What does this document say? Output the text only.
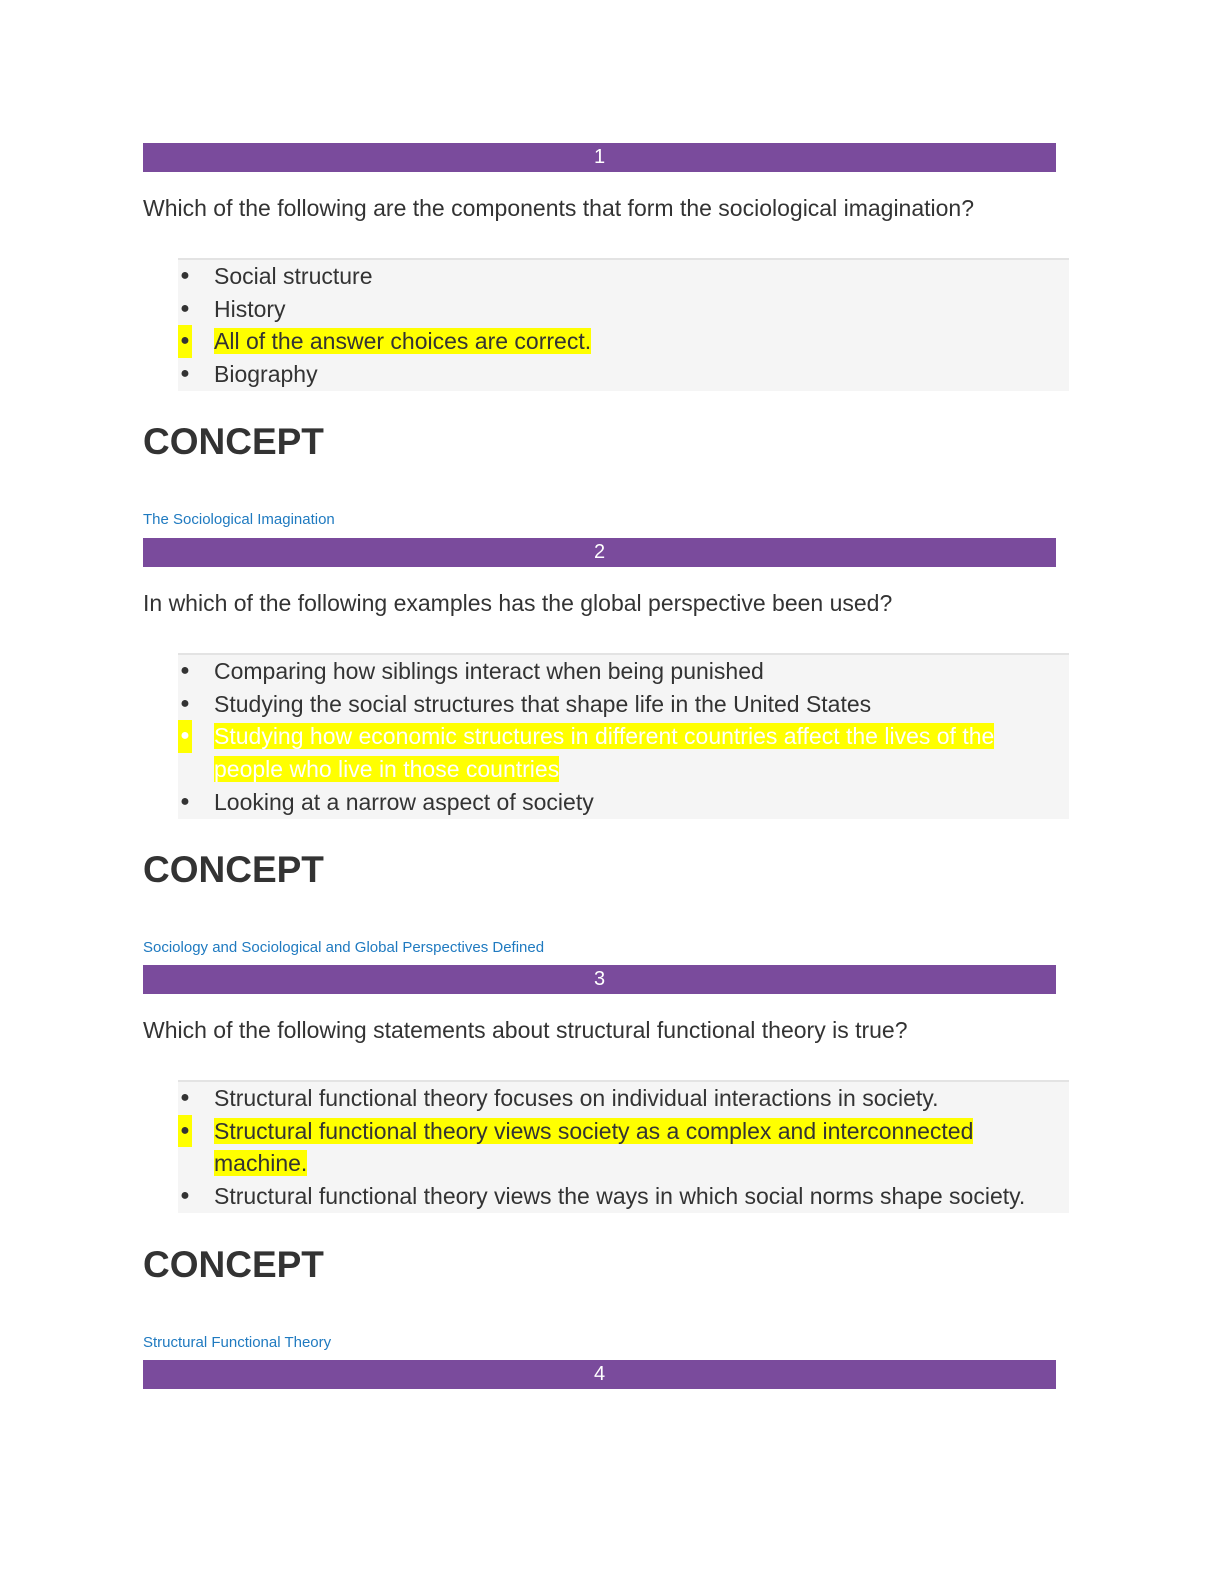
1
Which of the following are the components that form the sociological imagination?
●	Social structure
●	History
●	All of the answer choices are correct.
●	Biography
CONCEPT
The Sociological Imagination
2
In which of the following examples has the global perspective been used?
●	Comparing how siblings interact when being punished
●	Studying the social structures that shape life in the United States
●	Studying how economic structures in different countries affect the lives of the people who live in those countries
●	Looking at a narrow aspect of society
CONCEPT
Sociology and Sociological and Global Perspectives Defined
3
Which of the following statements about structural functional theory is true?
●	Structural functional theory focuses on individual interactions in society.
●	Structural functional theory views society as a complex and interconnected machine.
●	Structural functional theory views the ways in which social norms shape society.
CONCEPT
Structural Functional Theory
4
